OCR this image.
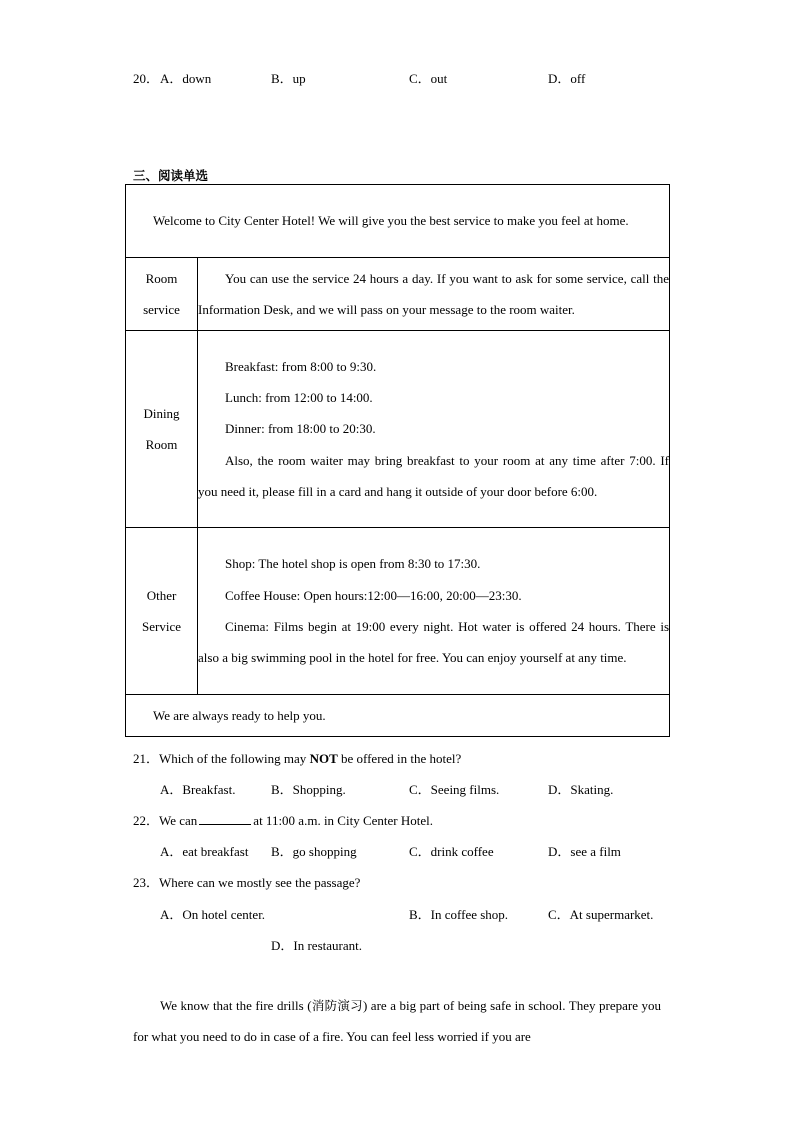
20． A．down	B．up	C．out	D．off
三、阅读单选
Welcome to City Center Hotel! We will give you the best service to make you feel at home.	

Room
service	You can use the service 24 hours a day. If you want to ask for some service, call the Information Desk, and we will pass on your message to the room waiter.

Dining
Room	Breakfast: from 8:00 to 9:30.
Lunch: from 12:00 to 14:00.
Dinner: from 18:00 to 20:30.
Also, the room waiter may bring breakfast to your room at any time after 7:00. If you need it, please fill in a card and hang it outside of your door before 6:00.

Other
Service	Shop: The hotel shop is open from 8:30 to 17:30.
Coffee House: Open hours:12:00—16:00, 20:00—23:30.
Cinema: Films begin at 19:00 every night. Hot water is offered 24 hours. There is also a big swimming pool in the hotel for free. You can enjoy yourself at any time.

We are always ready to help you.	
21．Which of the following may NOT be offered in the hotel?
A．Breakfast.	B．Shopping.	C．Seeing films.	D．Skating.
22．We can	at 11:00 a.m. in City Center Hotel.
A．eat breakfast B．go shopping	C．drink coffee	D．see a film
23．Where can we mostly see the passage?
A．On hotel center.	B．In coffee shop.	C．At supermarket.
D．In restaurant.
We know that the fire drills (消防演习) are a big part of being safe in school. They prepare you for what you need to do in case of a fire. You can feel less worried if you are
